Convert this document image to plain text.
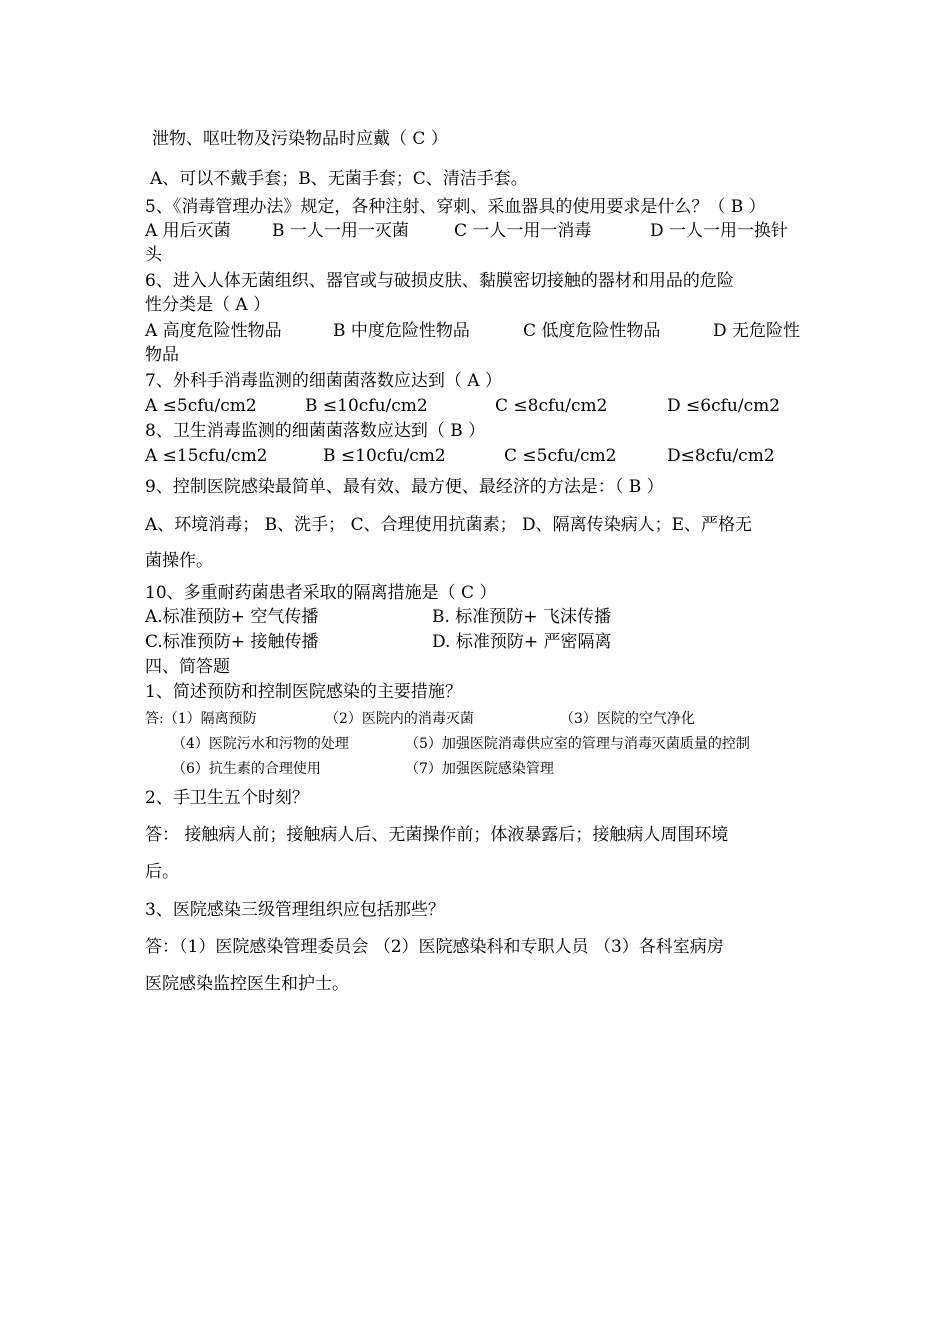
泄物、呕吐物及污染物品时应戴（ C ）
A、可以不戴手套；B、无菌手套；C、清洁手套。
5、《消毒管理办法》规定，各种注射、穿刺、采血器具的使用要求是什么？（ B ）
A 用后灭菌 B 一人一用一灭菌	C 一人一用一消毒	D 一人一用一换针
头
6、进入人体无菌组织、器官或与破损皮肤、黏膜密切接触的器材和用品的危险
性分类是（ A ）
A 高度危险性物品	B 中度危险性物品	C 低度危险性物品	D 无危险性
物品
7、外科手消毒监测的细菌菌落数应达到（ A ）
A ≤5cfu/cm2	B ≤10cfu/cm2	C ≤8cfu/cm2	D ≤6cfu/cm2
8、卫生消毒监测的细菌菌落数应达到（ B ）
A ≤15cfu/cm2	B ≤10cfu/cm2	C ≤5cfu/cm2	D≤8cfu/cm2
9、控制医院感染最简单、最有效、最方便、最经济的方法是：（ B ）
A、环境消毒； B、洗手； C、合理使用抗菌素； D、隔离传染病人；E、严格无
菌操作。
10、多重耐药菌患者采取的隔离措施是（ C ）
A.标准预防+ 空气传播	B. 标准预防+ 飞沫传播
C.标准预防+ 接触传播	D. 标准预防+ 严密隔离
四、简答题
1、简述预防和控制医院感染的主要措施？
答:（1）隔离预防	（2）医院内的消毒灭菌	（3）医院的空气净化
（4）医院污水和污物的处理	（5）加强医院消毒供应室的管理与消毒灭菌质量的控制
（6）抗生素的合理使用	（7）加强医院感染管理
2、手卫生五个时刻？
答： 接触病人前；接触病人后、无菌操作前；体液暴露后；接触病人周围环境
后。
3、医院感染三级管理组织应包括那些？
答：（1）医院感染管理委员会 （2）医院感染科和专职人员 （3）各科室病房
医院感染监控医生和护士。
